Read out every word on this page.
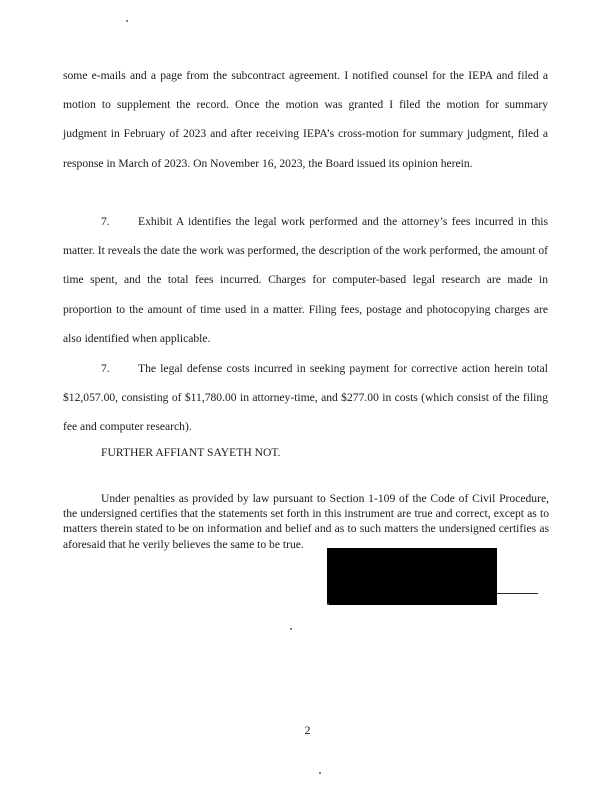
some e-mails and a page from the subcontract agreement. I notified counsel for the IEPA and filed a motion to supplement the record. Once the motion was granted I filed the motion for summary judgment in February of 2023 and after receiving IEPA’s cross-motion for summary judgment, filed a response in March of 2023. On November 16, 2023, the Board issued its opinion herein.

7. Exhibit A identifies the legal work performed and the attorney’s fees incurred in this matter. It reveals the date the work was performed, the description of the work performed, the amount of time spent, and the total fees incurred. Charges for computer-based legal research are made in proportion to the amount of time used in a matter. Filing fees, postage and photocopying charges are also identified when applicable.

7. The legal defense costs incurred in seeking payment for corrective action herein total $12,057.00, consisting of $11,780.00 in attorney-time, and $277.00 in costs (which consist of the filing fee and computer research).

FURTHER AFFIANT SAYETH NOT.

Under penalties as provided by law pursuant to Section 1-109 of the Code of Civil Procedure, the undersigned certifies that the statements set forth in this instrument are true and correct, except as to matters therein stated to be on information and belief and as to such matters the undersigned certifies as aforesaid that he verily believes the same to be true.

2
